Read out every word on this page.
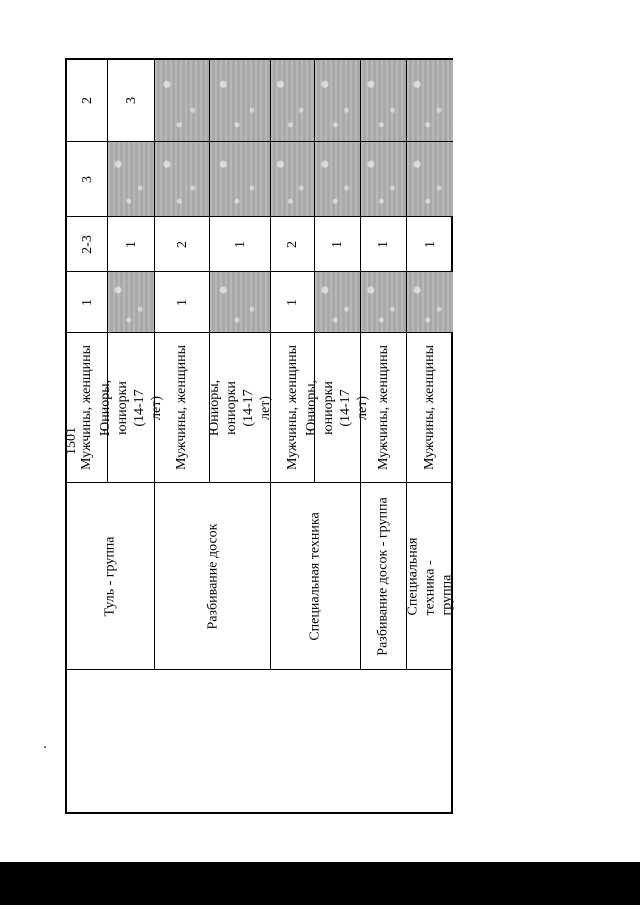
1501
Туль - группа
Мужчины, женщины Юниоры, юниорки (14-17 лет)
1
2-3
3
2
1
3
Разбивание досок
Мужчины, женщины Юниоры, юниорки (14-17 лет)
1
2	1
Специальная техника
Мужчины, женщины Юниоры, юниорки (14-17 лет)
1
2 1
Разбивание досок - группа
Мужчины, женщины
1
Специальная техника - группа
Мужчины, женщины
1
